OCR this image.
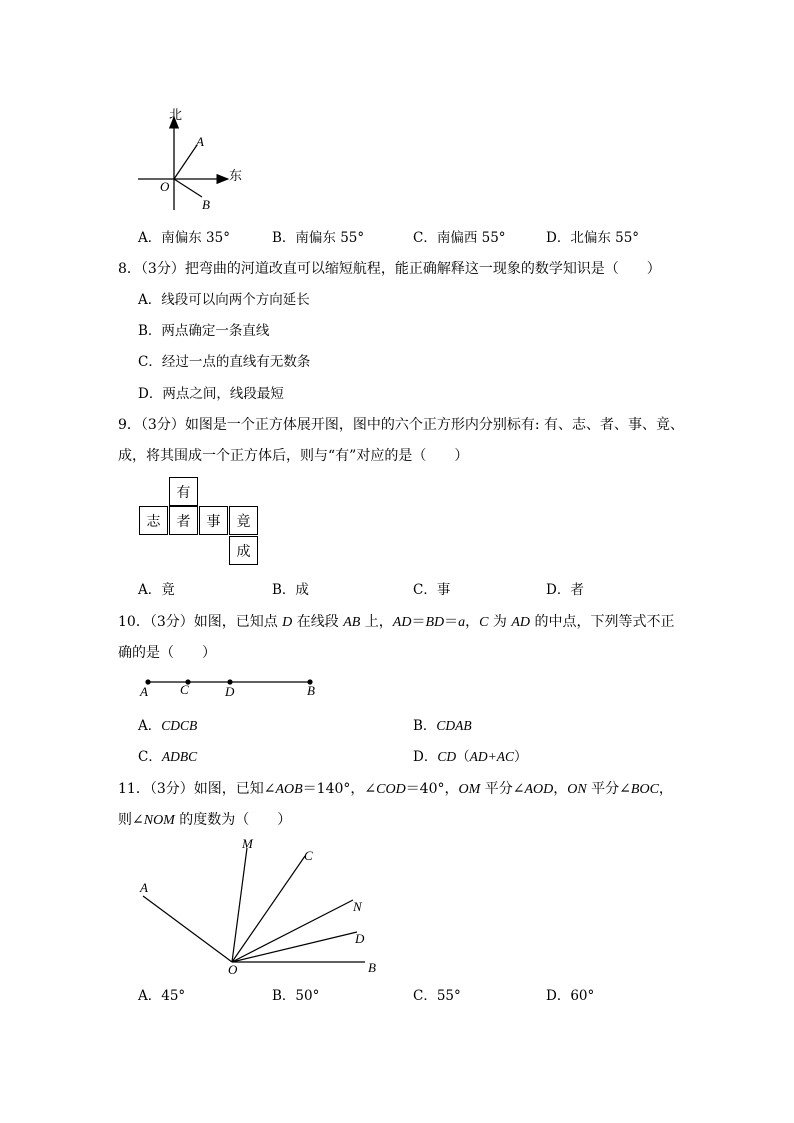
北
东
A
O
B
A．南偏东 35°	B．南偏东 55°	C．南偏西 55°	D．北偏东 55°
8．（3分）把弯曲的河道改直可以缩短航程，能正确解释这一现象的数学知识是（　　）
A．线段可以向两个方向延长
B．两点确定一条直线
C．经过一点的直线有无数条
D．两点之间，线段最短
9．（3分）如图是一个正方体展开图，图中的六个正方形内分别标有: 有、志、者、事、竟、
成，将其围成一个正方体后，则与“有”对应的是（　　）
有
志	者	事	竟
成
A．竟	B．成	C．事	D．者
10．（3分）如图，已知点 D 在线段 AB 上，AD＝BD＝a，C 为 AD 的中点，下列等式不正
确的是（　　）
A C	D	B
A．CDCB	B．CDAB
C．ADBC	D．CD（AD+AC）
11．（3分）如图，已知∠AOB＝140°，∠COD＝40°，OM 平分∠AOD，ON 平分∠BOC，
则∠NOM 的度数为（　　）
M
C
A
N
D
O	B
A．45°	B．50°	C．55°	D．60°
